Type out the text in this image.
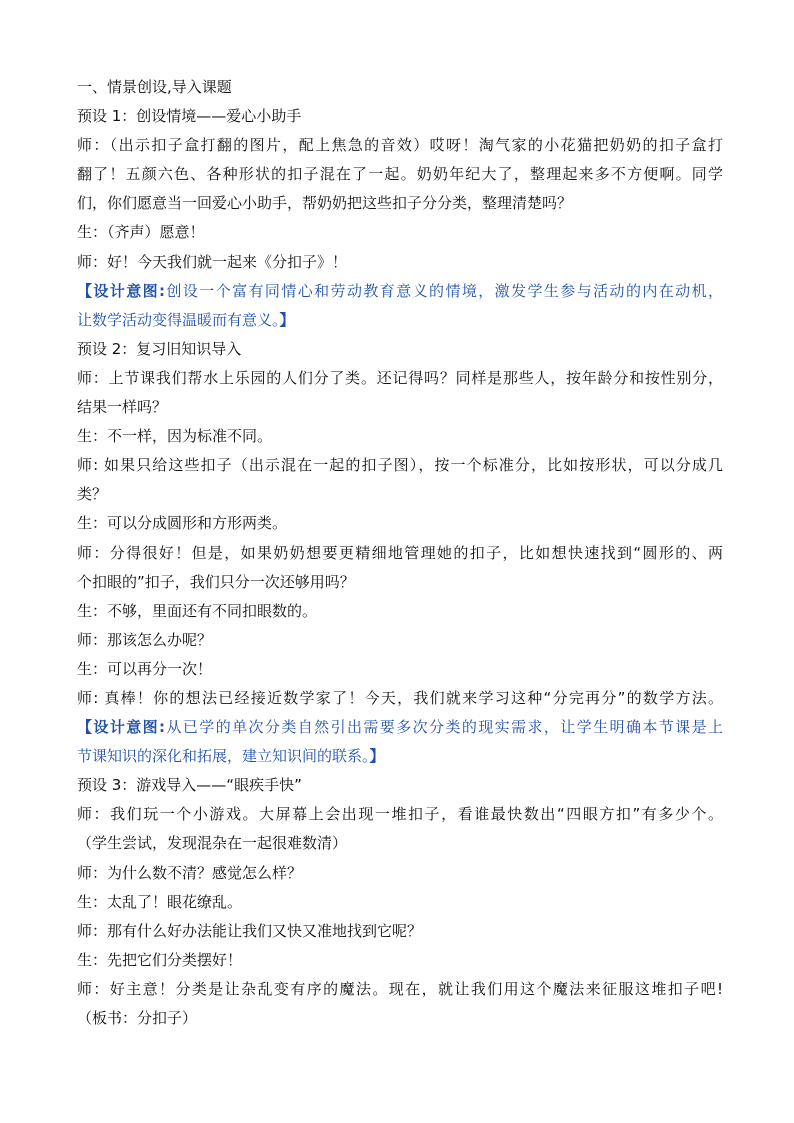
一、情景创设,导入课题
预设 1：创设情境——爱心小助手
师：（出示扣子盒打翻的图片，配上焦急的音效）哎呀！淘气家的小花猫把奶奶的扣子盒打
翻了！五颜六色、各种形状的扣子混在了一起。奶奶年纪大了，整理起来多不方便啊。同学
们，你们愿意当一回爱心小助手，帮奶奶把这些扣子分分类，整理清楚吗？
生：（齐声）愿意！
师：好！今天我们就一起来《分扣子》！
【设计意图:创设一个富有同情心和劳动教育意义的情境，激发学生参与活动的内在动机，
让数学活动变得温暖而有意义。】
预设 2：复习旧知识导入
师：上节课我们帮水上乐园的人们分了类。还记得吗？同样是那些人，按年龄分和按性别分，
结果一样吗？
生：不一样，因为标准不同。
师: 如果只给这些扣子（出示混在一起的扣子图），按一个标准分，比如按形状，可以分成几
类？
生：可以分成圆形和方形两类。
师：分得很好！但是，如果奶奶想要更精细地管理她的扣子，比如想快速找到“圆形的、两
个扣眼的”扣子，我们只分一次还够用吗？
生：不够，里面还有不同扣眼数的。
师：那该怎么办呢？
生：可以再分一次！
师: 真棒！你的想法已经接近数学家了！今天，我们就来学习这种“分完再分”的数学方法。
【设计意图:从已学的单次分类自然引出需要多次分类的现实需求，让学生明确本节课是上
节课知识的深化和拓展，建立知识间的联系。】
预设 3：游戏导入——“眼疾手快”
师：我们玩一个小游戏。大屏幕上会出现一堆扣子，看谁最快数出“四眼方扣”有多少个。
（学生尝试，发现混杂在一起很难数清）
师：为什么数不清？感觉怎么样？
生：太乱了！眼花缭乱。
师：那有什么好办法能让我们又快又准地找到它呢？
生：先把它们分类摆好！
师：好主意！分类是让杂乱变有序的魔法。现在，就让我们用这个魔法来征服这堆扣子吧!
（板书：分扣子）
